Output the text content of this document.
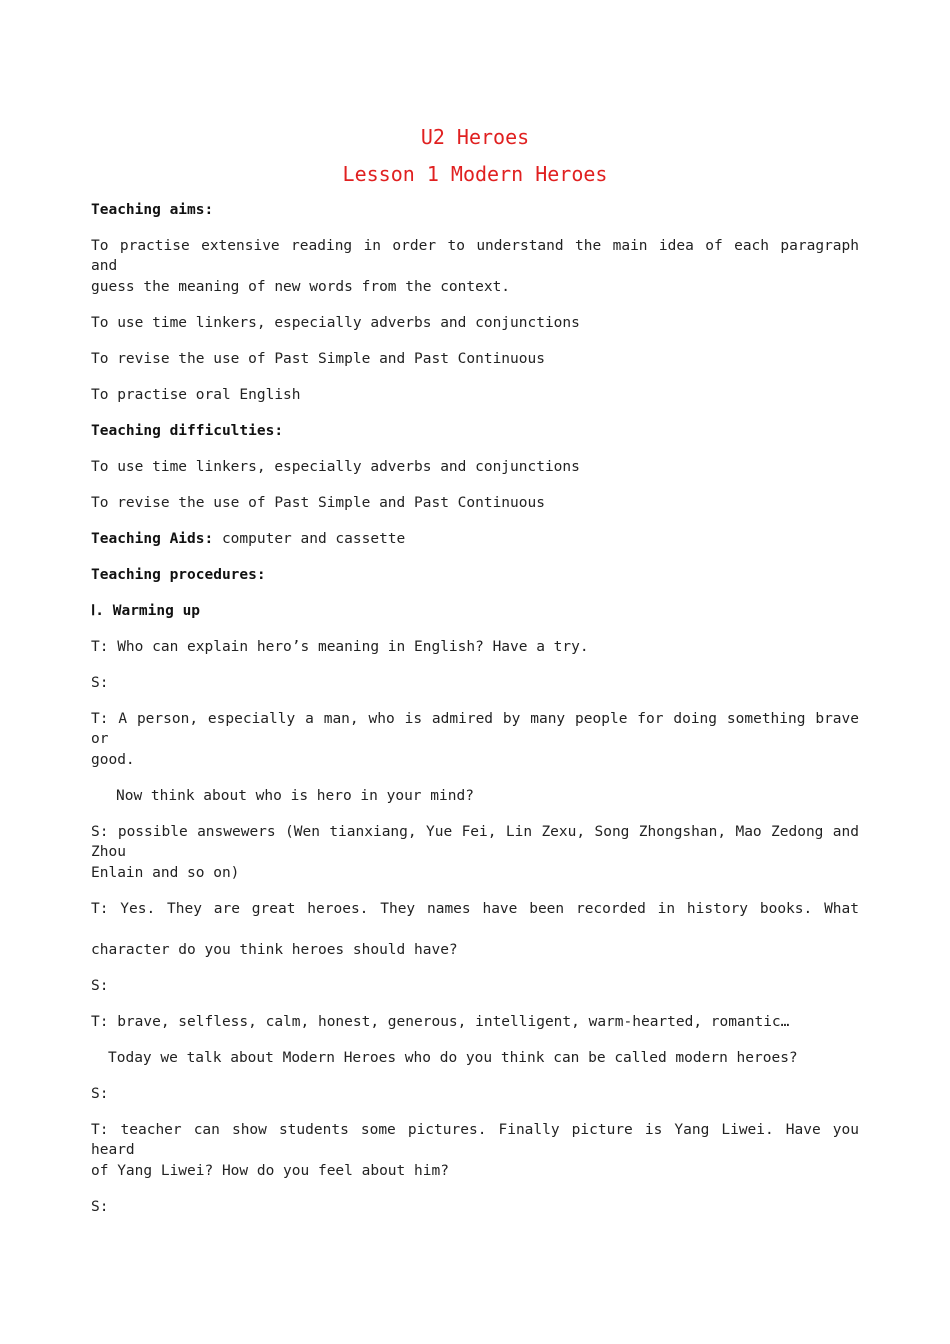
U2 Heroes
Lesson 1 Modern Heroes
Teaching aims:
To practise extensive reading in order to understand the main idea of each paragraph and
guess the meaning of new words from the context.
To use time linkers, especially adverbs and conjunctions
To revise the use of Past Simple and Past Continuous
To practise oral English
Teaching difficulties:
To use time linkers, especially adverbs and conjunctions
To revise the use of Past Simple and Past Continuous
Teaching Aids: computer and cassette
Teaching procedures:
Ⅰ. Warming up
T: Who can explain hero’s meaning in English? Have a try.
S:
T: A person, especially a man, who is admired by many people for doing something brave or
good.
Now think about who is hero in your mind?
S: possible answewers (Wen tianxiang, Yue Fei, Lin Zexu, Song Zhongshan, Mao Zedong and Zhou
Enlain and so on)
T: Yes. They are great heroes. They names have been recorded in history books. What
character do you think heroes should have?
S:
T: brave, selfless, calm, honest, generous, intelligent, warm-hearted, romantic…
Today we talk about Modern Heroes who do you think can be called modern heroes?
S:
T: teacher can show students some pictures. Finally picture is Yang Liwei. Have you heard
of Yang Liwei? How do you feel about him?
S:
